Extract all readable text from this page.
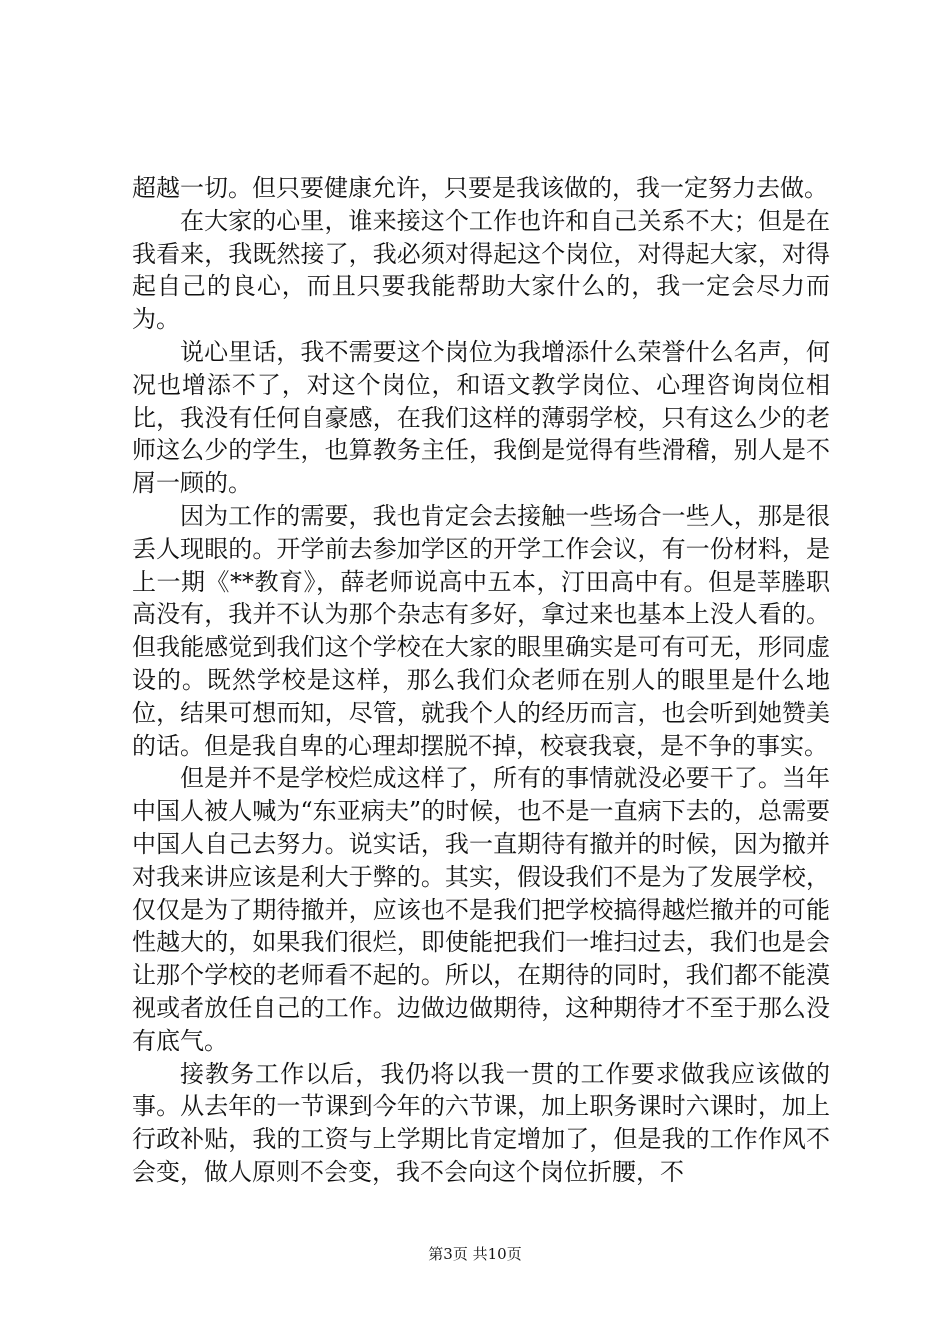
超越一切。但只要健康允许，只要是我该做的，我一定努力去做。

在大家的心里，谁来接这个工作也许和自己关系不大；但是在我看来，我既然接了，我必须对得起这个岗位，对得起大家，对得起自己的良心，而且只要我能帮助大家什么的，我一定会尽力而为。

说心里话，我不需要这个岗位为我增添什么荣誉什么名声，何况也增添不了，对这个岗位，和语文教学岗位、心理咨询岗位相比，我没有任何自豪感，在我们这样的薄弱学校，只有这么少的老师这么少的学生，也算教务主任，我倒是觉得有些滑稽，别人是不屑一顾的。

因为工作的需要，我也肯定会去接触一些场合一些人，那是很丢人现眼的。开学前去参加学区的开学工作会议，有一份材料，是上一期《**教育》，薛老师说高中五本，汀田高中有。但是莘塍职高没有，我并不认为那个杂志有多好，拿过来也基本上没人看的。但我能感觉到我们这个学校在大家的眼里确实是可有可无，形同虚设的。既然学校是这样，那么我们众老师在别人的眼里是什么地位，结果可想而知，尽管，就我个人的经历而言，也会听到她赞美的话。但是我自卑的心理却摆脱不掉，校衰我衰，是不争的事实。

但是并不是学校烂成这样了，所有的事情就没必要干了。当年中国人被人喊为“东亚病夫”的时候，也不是一直病下去的，总需要中国人自己去努力。说实话，我一直期待有撤并的时候，因为撤并对我来讲应该是利大于弊的。其实，假设我们不是为了发展学校，仅仅是为了期待撤并，应该也不是我们把学校搞得越烂撤并的可能性越大的，如果我们很烂，即使能把我们一堆扫过去，我们也是会让那个学校的老师看不起的。所以，在期待的同时，我们都不能漠视或者放任自己的工作。边做边做期待，这种期待才不至于那么没有底气。

接教务工作以后，我仍将以我一贯的工作要求做我应该做的事。从去年的一节课到今年的六节课，加上职务课时六课时，加上行政补贴，我的工资与上学期比肯定增加了，但是我的工作作风不会变，做人原则不会变，我不会向这个岗位折腰，不

第3页 共10页
